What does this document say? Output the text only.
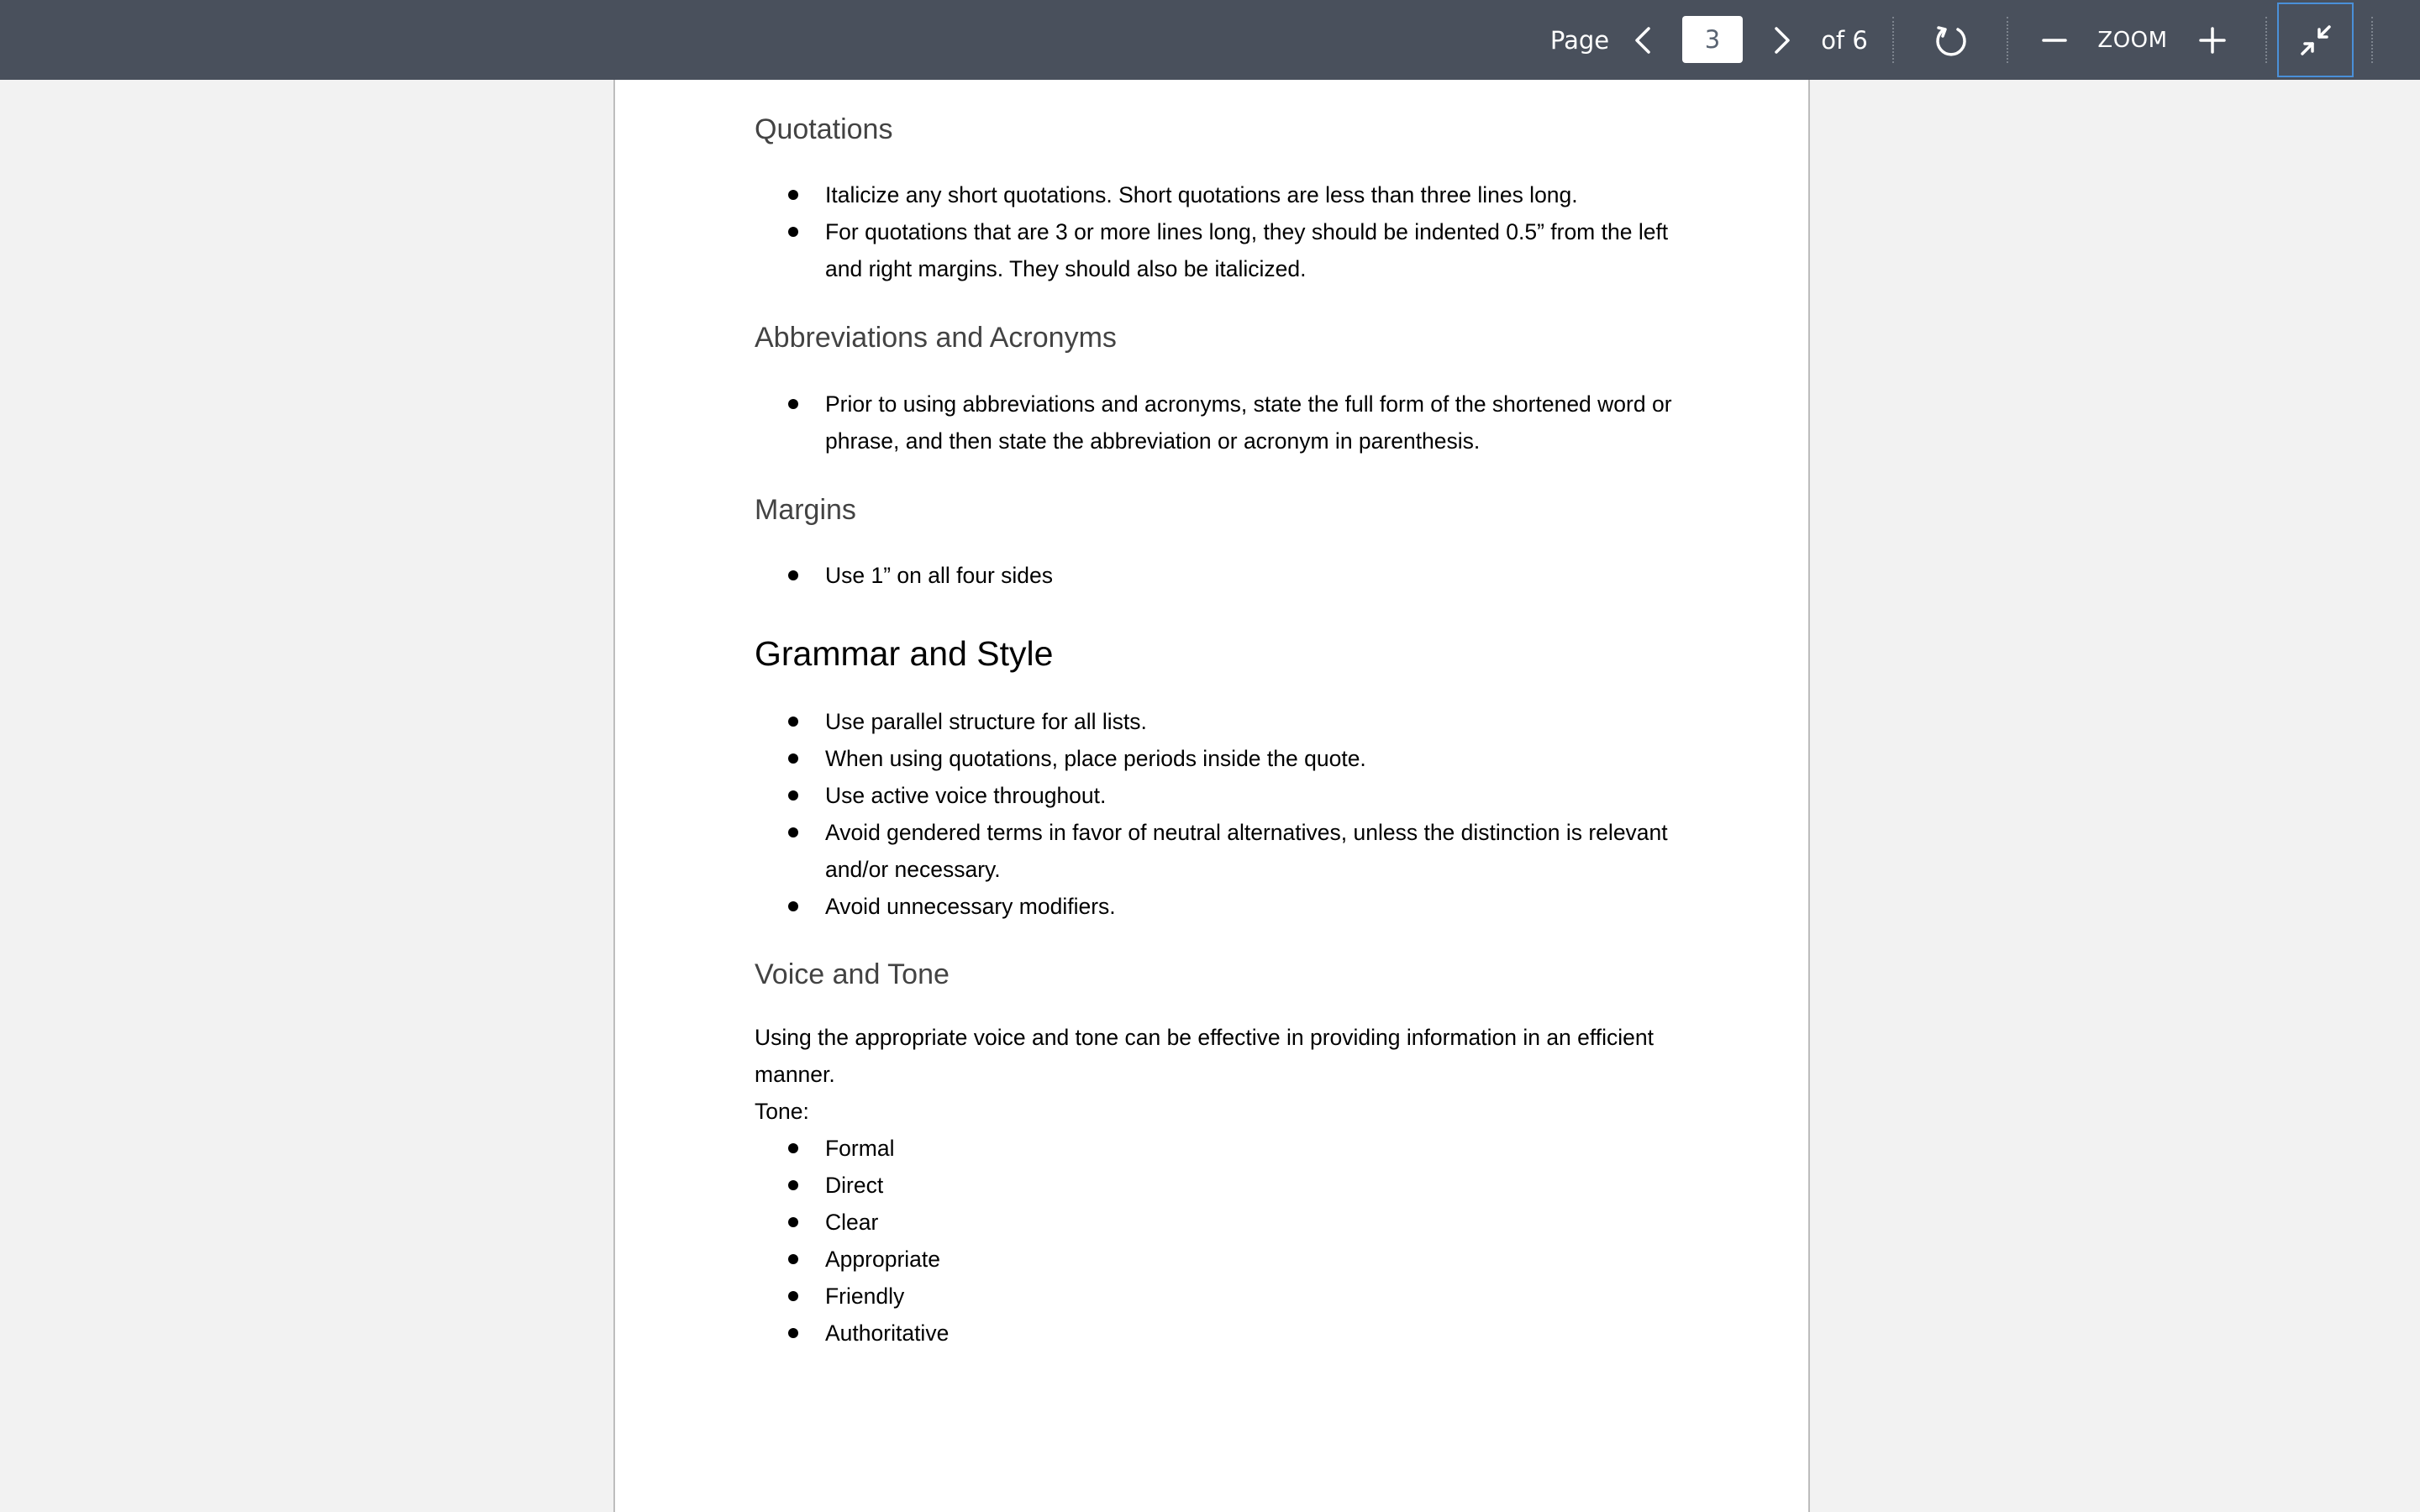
Page
3	of 6	ZOOM
Quotations
Italicize any short quotations. Short quotations are less than three lines long.
For quotations that are 3 or more lines long, they should be indented 0.5” from the left
and right margins. They should also be italicized.
Abbreviations and Acronyms
Prior to using abbreviations and acronyms, state the full form of the shortened word or
phrase, and then state the abbreviation or acronym in parenthesis.
Margins
Use 1” on all four sides
Grammar and Style
Use parallel structure for all lists.
When using quotations, place periods inside the quote.
Use active voice throughout.
Avoid gendered terms in favor of neutral alternatives, unless the distinction is relevant
and/or necessary.
Avoid unnecessary modifiers.
Voice and Tone
Using the appropriate voice and tone can be effective in providing information in an efficient
manner.
Tone:
Formal
Direct
Clear
Appropriate
Friendly
Authoritative
